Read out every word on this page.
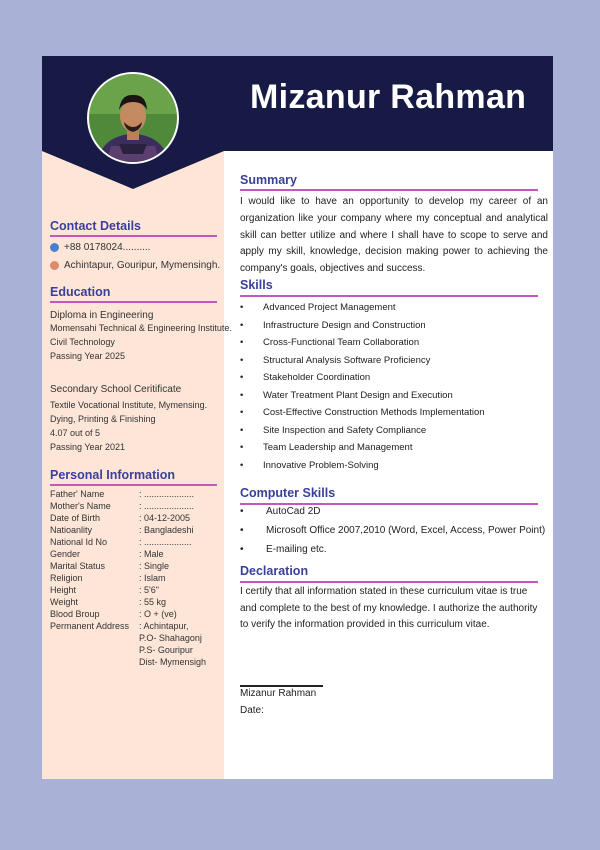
Mizanur Rahman
Contact Details
+88 0178024..........
Achintapur, Gouripur, Mymensingh.
Education
Diploma in Engineering
Momensahi Technical & Engineering Institute.
Civil Technology
Passing Year 2025
Secondary School Ceritificate
Textile Vocational Institute, Mymensing.
Dying, Printing & Finishing
4.07 out of 5
Passing Year 2021
Personal Information
Father' Name	: ....................
Mother's Name	: ....................
Date of Birth	: 04-12-2005
Natioanlity	: Bangladeshi
National Id No	: ...................
Gender	: Male
Marital Status	: Single
Religion	: Islam
Height	: 5'6"
Weight	: 55 kg
Blood Broup	: O + (ve)
Permanent Address	: Achintapur,
P.O- Shahagonj
P.S- Gouripur
Dist- Mymensigh
Summary
I would like to have an opportunity to develop my career of an organization like your company where my conceptual and analytical skill can better utilize and where I shall have to scope to serve and apply my skill, knowledge, decision making power to achieving the company's goals, objectives and success.
Skills
• Advanced Project Management
• Infrastructure Design and Construction
• Cross-Functional Team Collaboration
• Structural Analysis Software Proficiency
• Stakeholder Coordination
• Water Treatment Plant Design and Execution
• Cost-Effective Construction Methods Implementation
• Site Inspection and Safety Compliance
• Team Leadership and Management
• Innovative Problem-Solving
Computer Skills
• AutoCad 2D
• Microsoft Office 2007,2010 (Word, Excel, Access, Power Point)
• E-mailing etc.
Declaration
I certify that all information stated in these curriculum vitae is true and complete to the best of my knowledge. I authorize the authority to verify the information provided in this curriculum vitae.
Mizanur Rahman
Date:
